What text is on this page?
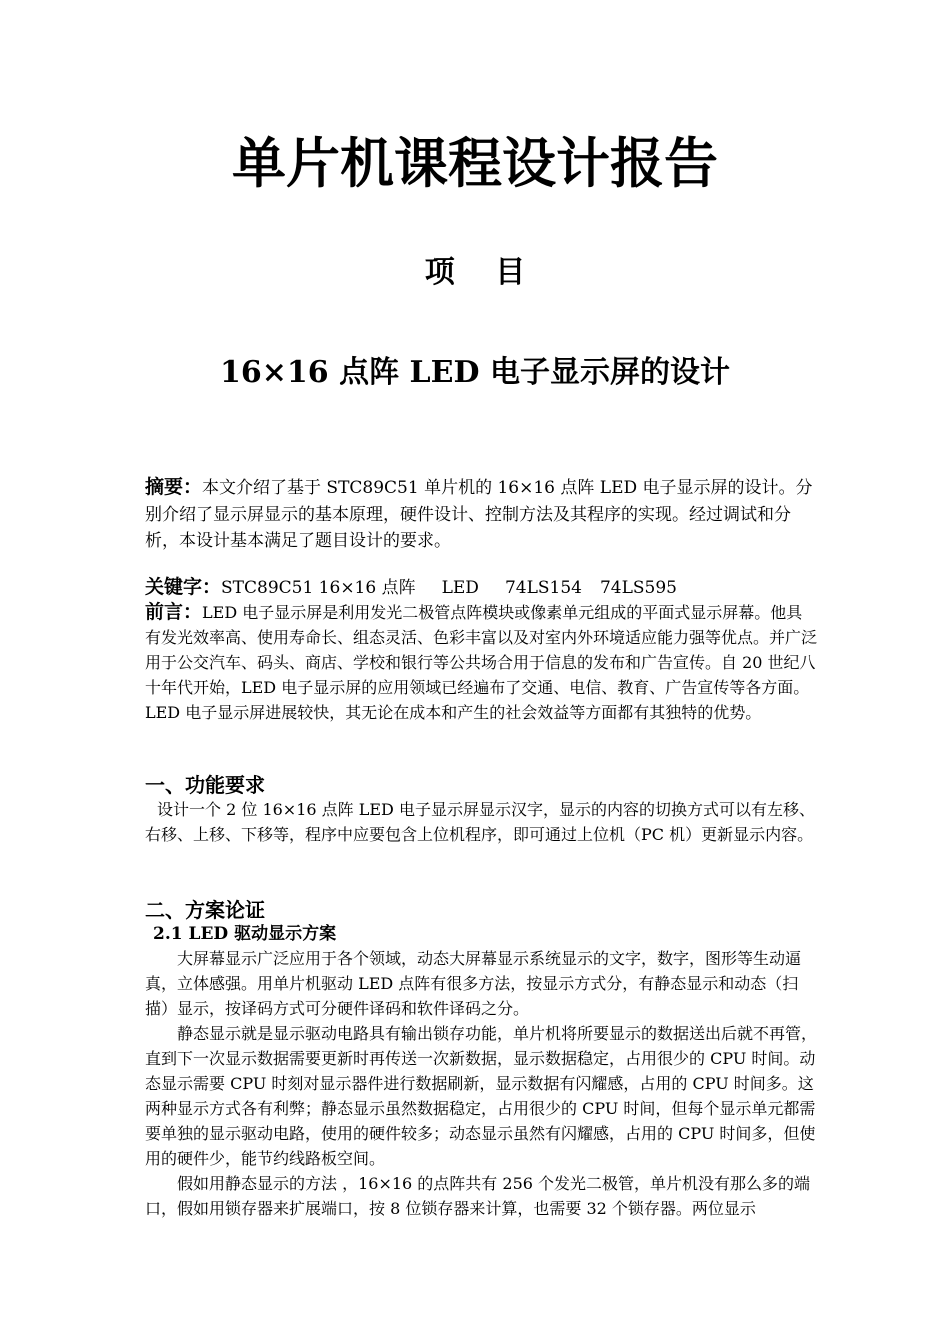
单片机课程设计报告
项 目
16×16 点阵 LED 电子显示屏的设计

摘要：本文介绍了基于 STC89C51 单片机的 16×16 点阵 LED 电子显示屏的设计。分别介绍了显示屏显示的基本原理，硬件设计、控制方法及其程序的实现。经过调试和分析，本设计基本满足了题目设计的要求。

关键字：STC89C51 16×16 点阵 LED 74LS154 74LS595

前言：LED 电子显示屏是利用发光二极管点阵模块或像素单元组成的平面式显示屏幕。他具有发光效率高、使用寿命长、组态灵活、色彩丰富以及对室内外环境适应能力强等优点。并广泛用于公交汽车、码头、商店、学校和银行等公共场合用于信息的发布和广告宣传。自 20 世纪八十年代开始，LED 电子显示屏的应用领域已经遍布了交通、电信、教育、广告宣传等各方面。LED 电子显示屏进展较快，其无论在成本和产生的社会效益等方面都有其独特的优势。

一、功能要求

设计一个 2 位 16×16 点阵 LED 电子显示屏显示汉字，显示的内容的切换方式可以有左移、右移、上移、下移等，程序中应要包含上位机程序，即可通过上位机（PC 机）更新显示内容。

二、方案论证
2.1 LED 驱动显示方案

大屏幕显示广泛应用于各个领域，动态大屏幕显示系统显示的文字，数字，图形等生动逼真，立体感强。用单片机驱动 LED 点阵有很多方法，按显示方式分，有静态显示和动态（扫描）显示，按译码方式可分硬件译码和软件译码之分。

静态显示就是显示驱动电路具有输出锁存功能，单片机将所要显示的数据送出后就不再管，直到下一次显示数据需要更新时再传送一次新数据，显示数据稳定，占用很少的 CPU 时间。动态显示需要 CPU 时刻对显示器件进行数据刷新，显示数据有闪耀感，占用的 CPU 时间多。这两种显示方式各有利弊；静态显示虽然数据稳定，占用很少的 CPU 时间，但每个显示单元都需要单独的显示驱动电路，使用的硬件较多；动态显示虽然有闪耀感，占用的 CPU 时间多，但使用的硬件少，能节约线路板空间。

假如用静态显示的方法 ，16×16 的点阵共有 256 个发光二极管，单片机没有那么多的端口，假如用锁存器来扩展端口，按 8 位锁存器来计算，也需要 32 个锁存器。两位显示
